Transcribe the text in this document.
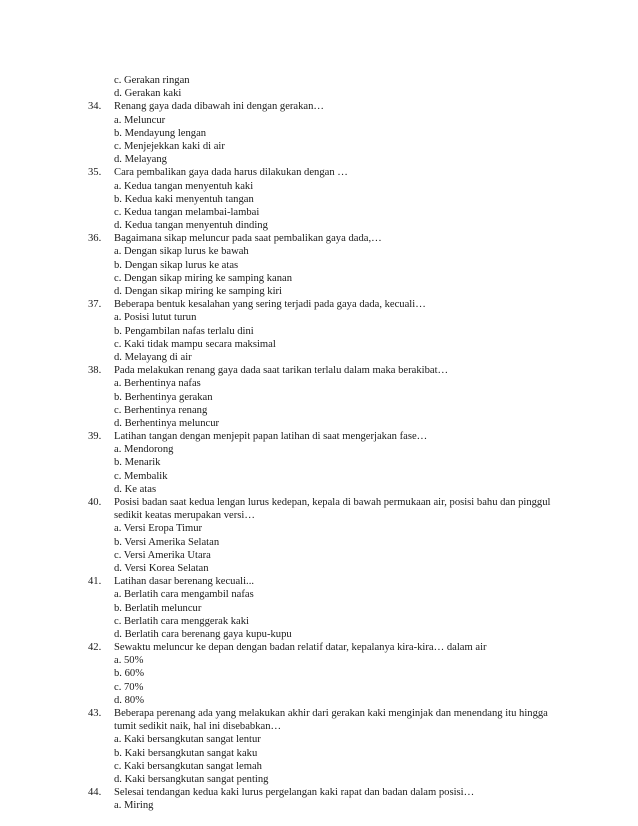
c. Gerakan ringan
d. Gerakan kaki
34. Renang gaya dada dibawah ini dengan gerakan…
a. Meluncur
b. Mendayung lengan
c. Menjejekkan kaki di air
d. Melayang
35. Cara pembalikan gaya dada harus dilakukan dengan …
a. Kedua tangan menyentuh kaki
b. Kedua kaki menyentuh tangan
c. Kedua tangan melambai-lambai
d. Kedua tangan menyentuh dinding
36. Bagaimana sikap meluncur pada saat pembalikan gaya dada,…
a. Dengan sikap lurus ke bawah
b. Dengan sikap lurus ke atas
c. Dengan sikap miring ke samping kanan
d. Dengan sikap miring ke samping kiri
37. Beberapa bentuk kesalahan yang sering terjadi pada gaya dada, kecuali…
a. Posisi lutut turun
b. Pengambilan nafas terlalu dini
c. Kaki tidak mampu secara maksimal
d. Melayang di air
38. Pada melakukan renang gaya dada saat tarikan terlalu dalam maka berakibat…
a. Berhentinya nafas
b. Berhentinya gerakan
c. Berhentinya renang
d. Berhentinya meluncur
39. Latihan tangan dengan menjepit papan latihan di saat mengerjakan fase…
a. Mendorong
b. Menarik
c. Membalik
d. Ke atas
40. Posisi badan saat kedua lengan lurus kedepan, kepala di bawah permukaan air, posisi bahu dan pinggul
sedikit keatas merupakan versi…
a. Versi Eropa Timur
b. Versi Amerika Selatan
c. Versi Amerika Utara
d. Versi Korea Selatan
41. Latihan dasar berenang kecuali...
a. Berlatih cara mengambil nafas
b. Berlatih meluncur
c. Berlatih cara menggerak kaki
d. Berlatih cara berenang gaya kupu-kupu
42. Sewaktu meluncur ke depan dengan badan relatif datar, kepalanya kira-kira… dalam air
a. 50%
b. 60%
c. 70%
d. 80%
43. Beberapa perenang ada yang melakukan akhir dari gerakan kaki menginjak dan menendang itu hingga
tumit sedikit naik, hal ini disebabkan…
a. Kaki bersangkutan sangat lentur
b. Kaki bersangkutan sangat kaku
c. Kaki bersangkutan sangat lemah
d. Kaki bersangkutan sangat penting
44. Selesai tendangan kedua kaki lurus pergelangan kaki rapat dan badan dalam posisi…
a. Miring
